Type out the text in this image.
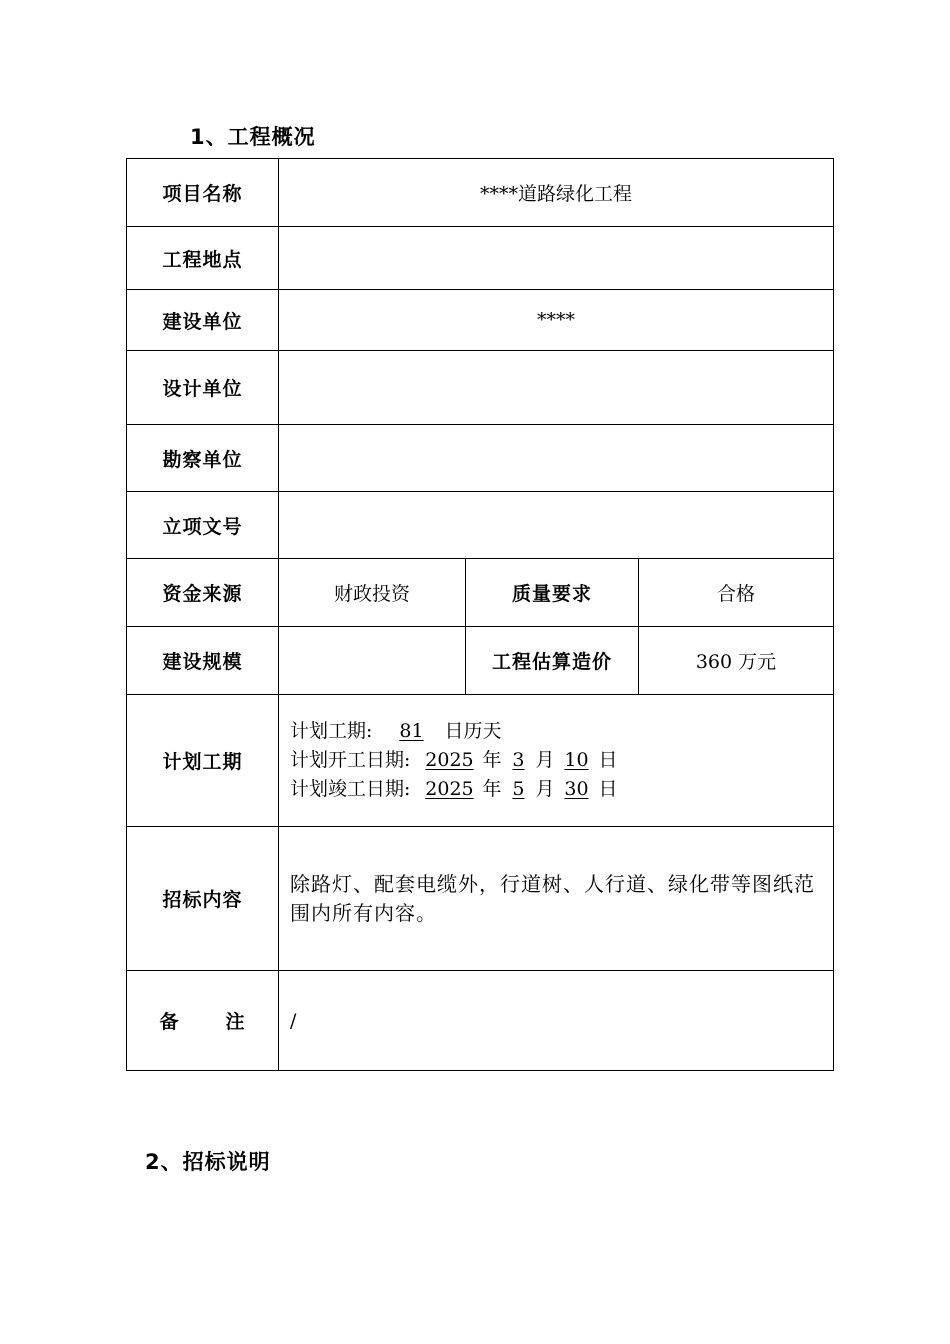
1、工程概况
项目名称	****道路绿化工程		
工程地点			
建设单位	****		
设计单位			
勘察单位			
立项文号			
资金来源	财政投资	质量要求	合格
建设规模		工程估算造价	360 万元
计划工期	计划工期: 81 日历天
计划开工日期: 2025 年 3 月 10 日
计划竣工日期: 2025 年 5 月 30 日		

招标内容	除路灯、配套电缆外，行道树、人行道、绿化带等图纸范围内所有内容。		

备 注	/		
2、招标说明
